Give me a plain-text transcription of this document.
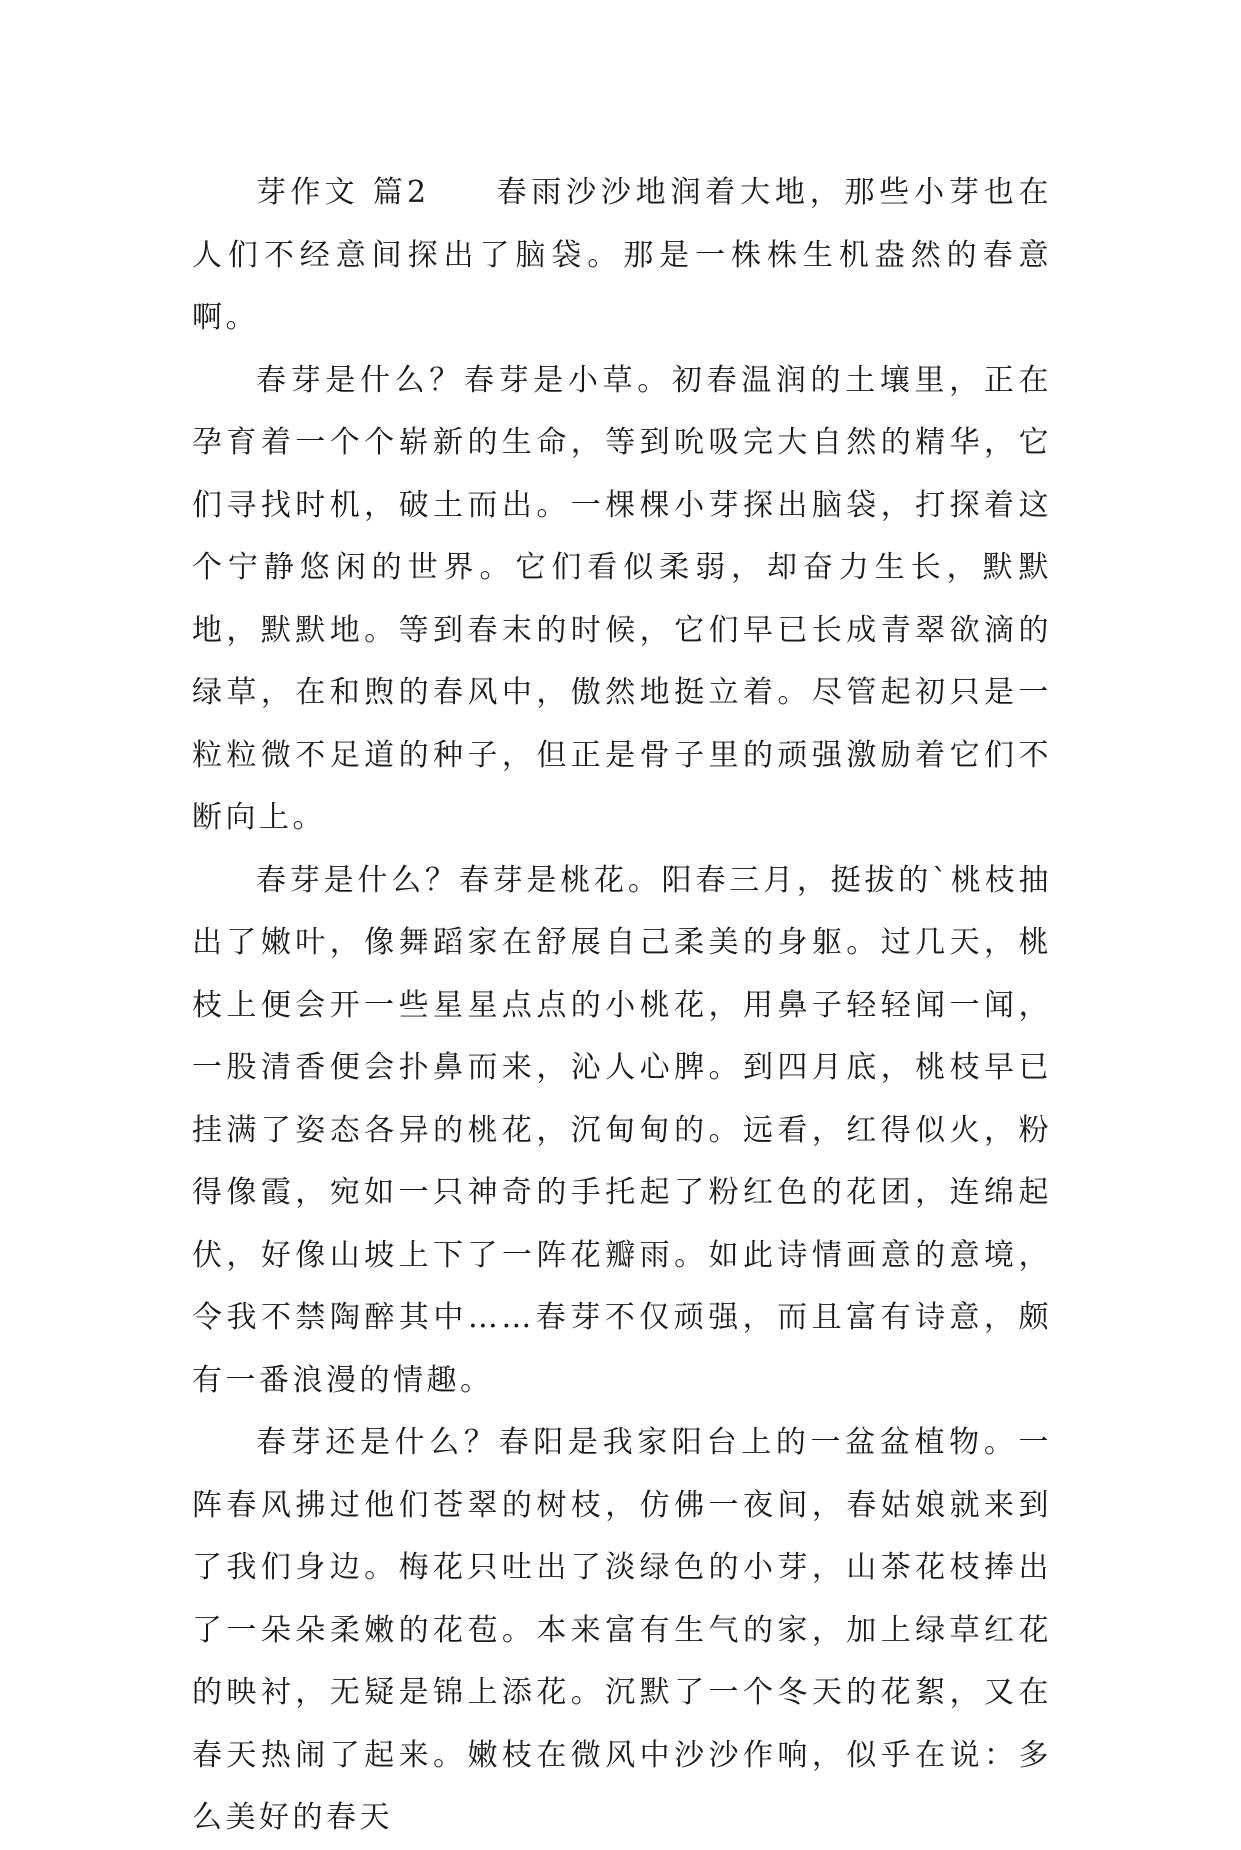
芽作文 篇2 春雨沙沙地润着大地，那些小芽也在人们不经意间探出了脑袋。那是一株株生机盎然的春意啊。

春芽是什么？春芽是小草。初春温润的土壤里，正在孕育着一个个崭新的生命，等到吮吸完大自然的精华，它们寻找时机，破土而出。一棵棵小芽探出脑袋，打探着这个宁静悠闲的世界。它们看似柔弱，却奋力生长，默默地，默默地。等到春末的时候，它们早已长成青翠欲滴的绿草，在和煦的春风中，傲然地挺立着。尽管起初只是一粒粒微不足道的种子，但正是骨子里的顽强激励着它们不断向上。

春芽是什么？春芽是桃花。阳春三月，挺拔的`桃枝抽出了嫩叶，像舞蹈家在舒展自己柔美的身躯。过几天，桃枝上便会开一些星星点点的小桃花，用鼻子轻轻闻一闻，一股清香便会扑鼻而来，沁人心脾。到四月底，桃枝早已挂满了姿态各异的桃花，沉甸甸的。远看，红得似火，粉得像霞，宛如一只神奇的手托起了粉红色的花团，连绵起伏，好像山坡上下了一阵花瓣雨。如此诗情画意的意境，令我不禁陶醉其中……春芽不仅顽强，而且富有诗意，颇有一番浪漫的情趣。

春芽还是什么？春阳是我家阳台上的一盆盆植物。一阵春风拂过他们苍翠的树枝，仿佛一夜间，春姑娘就来到了我们身边。梅花只吐出了淡绿色的小芽，山茶花枝捧出了一朵朵柔嫩的花苞。本来富有生气的家，加上绿草红花的映衬，无疑是锦上添花。沉默了一个冬天的花絮，又在春天热闹了起来。嫩枝在微风中沙沙作响，似乎在说：多么美好的春天
